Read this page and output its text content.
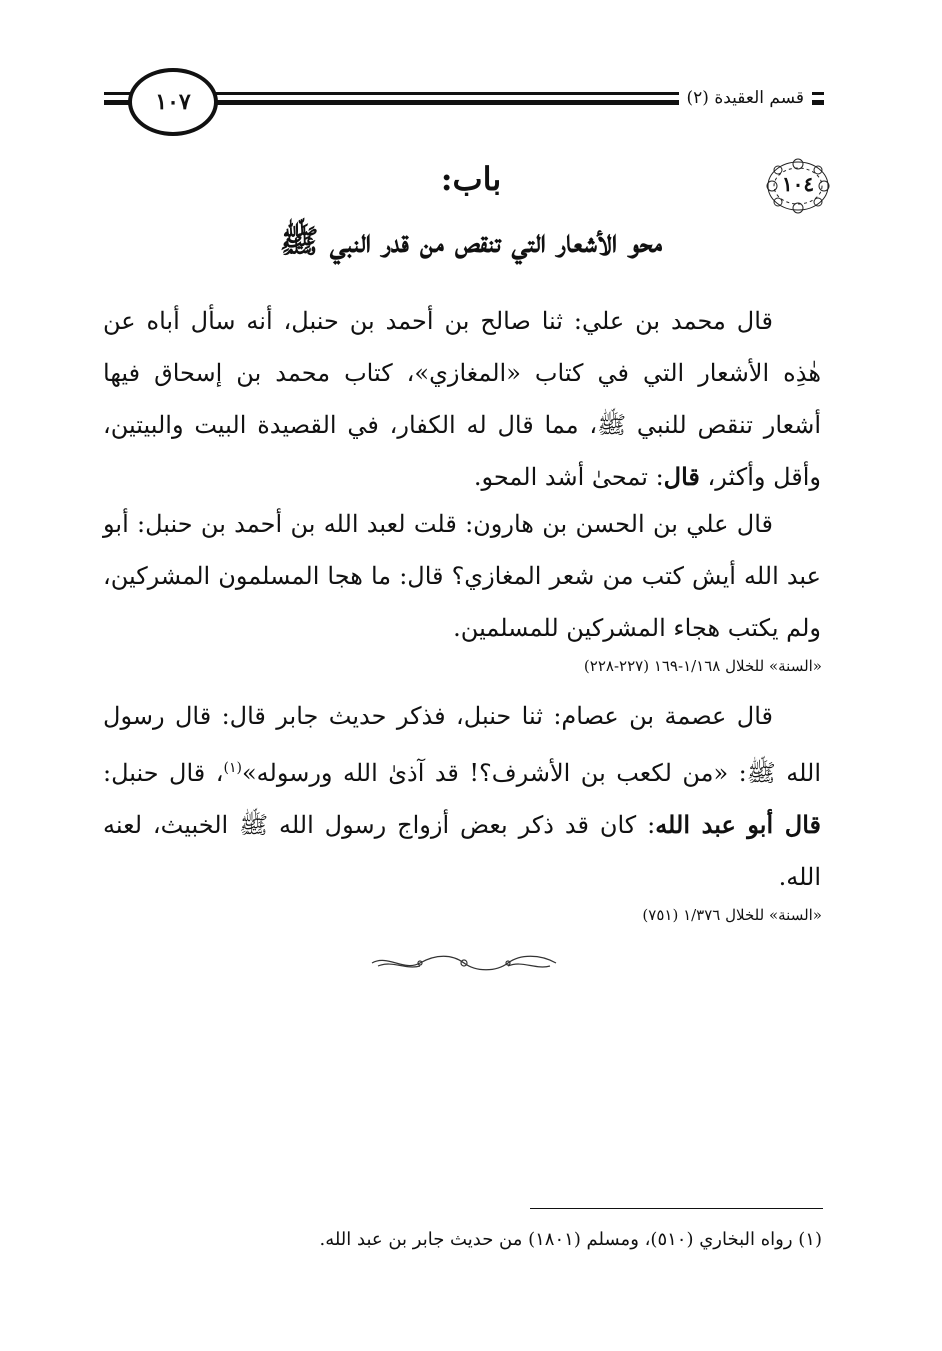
١٠٧	قسم العقيدة (٢)
١٠٤
باب:
محو الأشعار التي تنقص من قدر النبي ﷺ
قال محمد بن علي: ثنا صالح بن أحمد بن حنبل، أنه سأل أباه عن هٰذِه الأشعار التي في كتاب «المغازي»، كتاب محمد بن إسحاق فيها أشعار تنقص للنبي ﷺ، مما قال له الكفار، في القصيدة البيت والبيتين، وأقل وأكثر، قال: تمحىٰ أشد المحو.
قال علي بن الحسن بن هارون: قلت لعبد الله بن أحمد بن حنبل: أبو عبد الله أيش كتب من شعر المغازي؟ قال: ما هجا المسلمون المشركين، ولم يكتب هجاء المشركين للمسلمين.
«السنة» للخلال ١/١٦٨-١٦٩ (٢٢٧-٢٢٨)
قال عصمة بن عصام: ثنا حنبل، فذكر حديث جابر قال: قال رسول الله ﷺ: «من لكعب بن الأشرف؟! قد آذىٰ الله ورسوله»$^{(١)}$، قال حنبل: قال أبو عبد الله: كان قد ذكر بعض أزواج رسول الله ﷺ الخبيث، لعنه الله.
«السنة» للخلال ١/٣٧٦ (٧٥١)
(١) رواه البخاري (٥١٠)، ومسلم (١٨٠١) من حديث جابر بن عبد الله.
